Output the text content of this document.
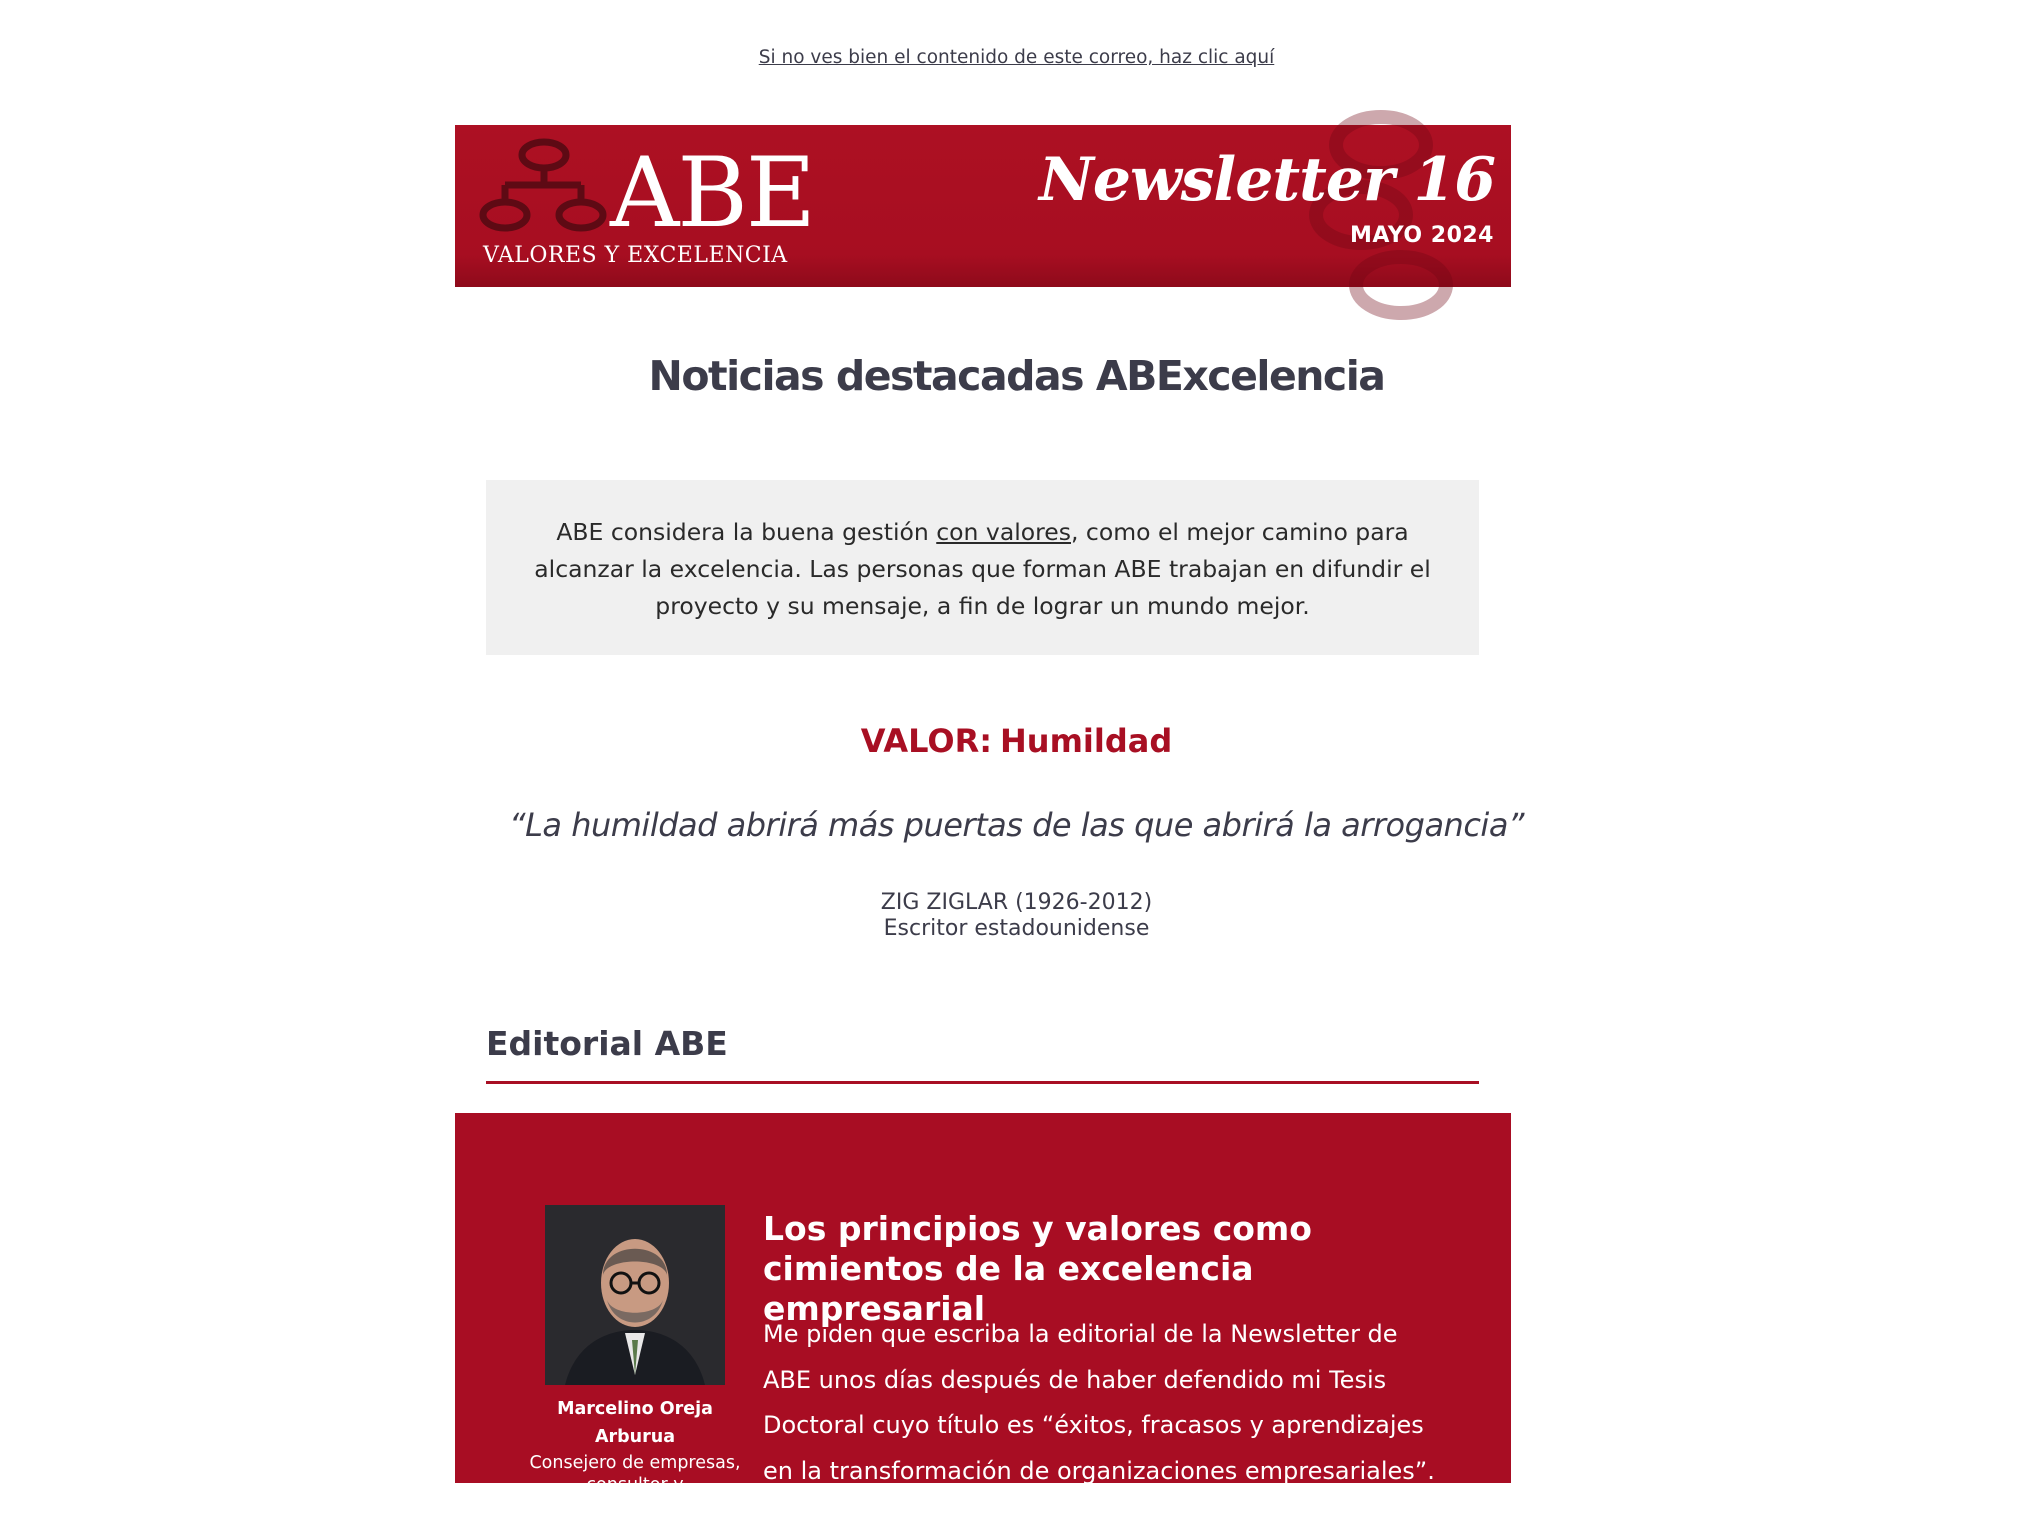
Si no ves bien el contenido de este correo, haz clic aquí
ABE
VALORES Y EXCELENCIA
Newsletter 16
MAYO 2024
Noticias destacadas ABExcelencia
ABE considera la buena gestión con valores, como el mejor camino para alcanzar la excelencia. Las personas que forman ABE trabajan en difundir el proyecto y su mensaje, a fin de lograr un mundo mejor.
VALOR: Humildad
“La humildad abrirá más puertas de las que abrirá la arrogancia”
ZIG ZIGLAR (1926-2012)
Escritor estadounidense
Editorial ABE
Marcelino Oreja Arburua
Consejero de empresas, consultor y
Los principios y valores como cimientos de la excelencia empresarial
Me piden que escriba la editorial de la Newsletter de ABE unos días después de haber defendido mi Tesis Doctoral cuyo título es “éxitos, fracasos y aprendizajes en la transformación de organizaciones empresariales”. En el
